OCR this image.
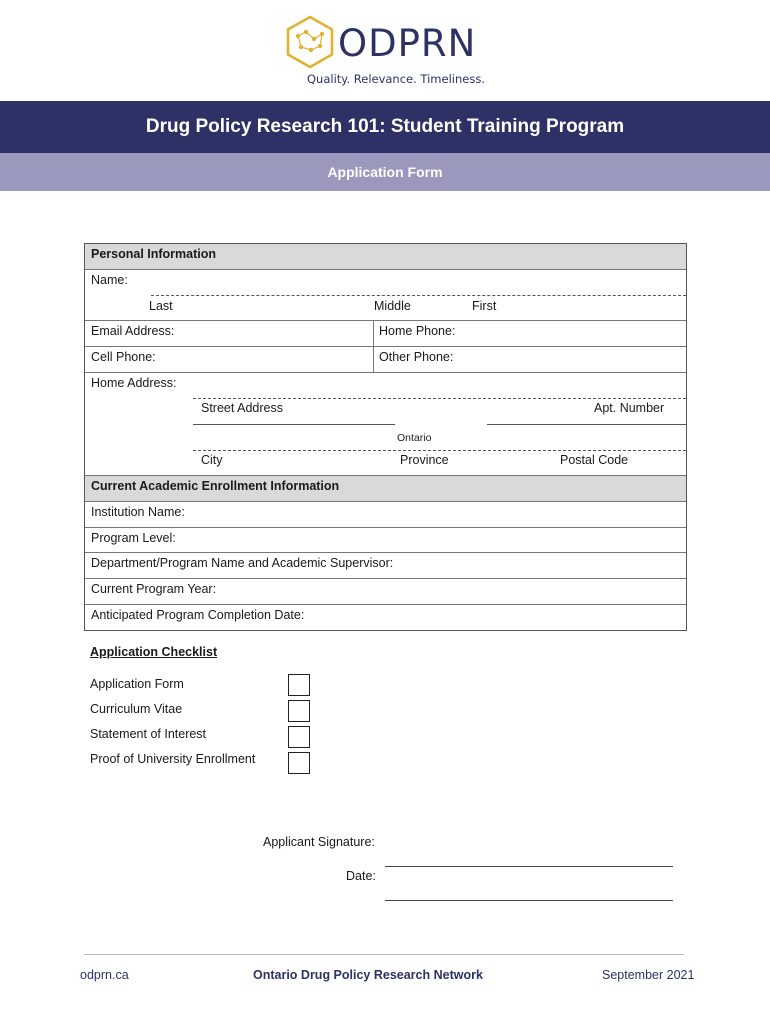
ODPRN
Quality. Relevance. Timeliness.
Drug Policy Research 101: Student Training Program
Application Form
Personal Information
Name:
Last	Middle	First
Email Address:	Home Phone:
Cell Phone:	Other Phone:
Home Address:
Street Address	Apt. Number
Ontario
City	Province	Postal Code
Current Academic Enrollment Information
Institution Name:
Program Level:
Department/Program Name and Academic Supervisor:
Current Program Year:
Anticipated Program Completion Date:
Application Checklist
Application Form
Curriculum Vitae
Statement of Interest
Proof of University Enrollment
Applicant Signature:
Date:
odprn.ca	Ontario Drug Policy Research Network	September 2021
